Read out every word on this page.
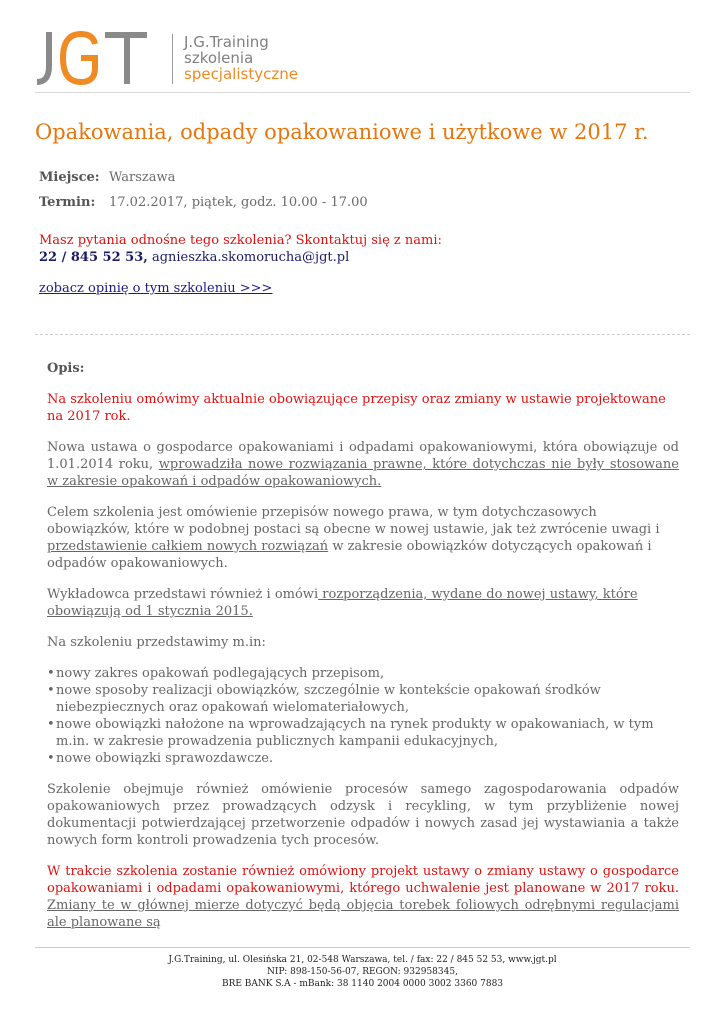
J.G.Training
szkolenia
specjalistyczne
Opakowania, odpady opakowaniowe i użytkowe w 2017 r.
Miejsce: Warszawa
Termin: 17.02.2017, piątek, godz. 10.00 - 17.00
Masz pytania odnośne tego szkolenia? Skontaktuj się z nami:
22 / 845 52 53, agnieszka.skomorucha@jgt.pl
zobacz opinię o tym szkoleniu >>>

Opis:

Na szkoleniu omówimy aktualnie obowiązujące przepisy oraz zmiany w ustawie projektowane na 2017 rok.

Nowa ustawa o gospodarce opakowaniami i odpadami opakowaniowymi, która obowiązuje od 1.01.2014 roku, wprowadziła nowe rozwiązania prawne, które dotychczas nie były stosowane w zakresie opakowań i odpadów opakowaniowych.

Celem szkolenia jest omówienie przepisów nowego prawa, w tym dotychczasowych obowiązków, które w podobnej postaci są obecne w nowej ustawie, jak też zwrócenie uwagi i przedstawienie całkiem nowych rozwiązań w zakresie obowiązków dotyczących opakowań i odpadów opakowaniowych.

Wykładowca przedstawi również i omówi rozporządzenia, wydane do nowej ustawy, które obowiązują od 1 stycznia 2015.

Na szkoleniu przedstawimy m.in:

• nowy zakres opakowań podlegających przepisom,
• nowe sposoby realizacji obowiązków, szczególnie w kontekście opakowań środków niebezpiecznych oraz opakowań wielomateriałowych,
• nowe obowiązki nałożone na wprowadzających na rynek produkty w opakowaniach, w tym m.in. w zakresie prowadzenia publicznych kampanii edukacyjnych,
• nowe obowiązki sprawozdawcze.

Szkolenie obejmuje również omówienie procesów samego zagospodarowania odpadów opakowaniowych przez prowadzących odzysk i recykling, w tym przybliżenie nowej dokumentacji potwierdzającej przetworzenie odpadów i nowych zasad jej wystawiania a także nowych form kontroli prowadzenia tych procesów.

W trakcie szkolenia zostanie również omówiony projekt ustawy o zmiany ustawy o gospodarce opakowaniami i odpadami opakowaniowymi, którego uchwalenie jest planowane w 2017 roku. Zmiany te w głównej mierze dotyczyć będą objęcia torebek foliowych odrębnymi regulacjami ale planowane są

J.G.Training, ul. Olesińska 21, 02-548 Warszawa, tel. / fax: 22 / 845 52 53, www.jgt.pl
NIP: 898-150-56-07, REGON: 932958345,
BRE BANK S.A - mBank: 38 1140 2004 0000 3002 3360 7883
